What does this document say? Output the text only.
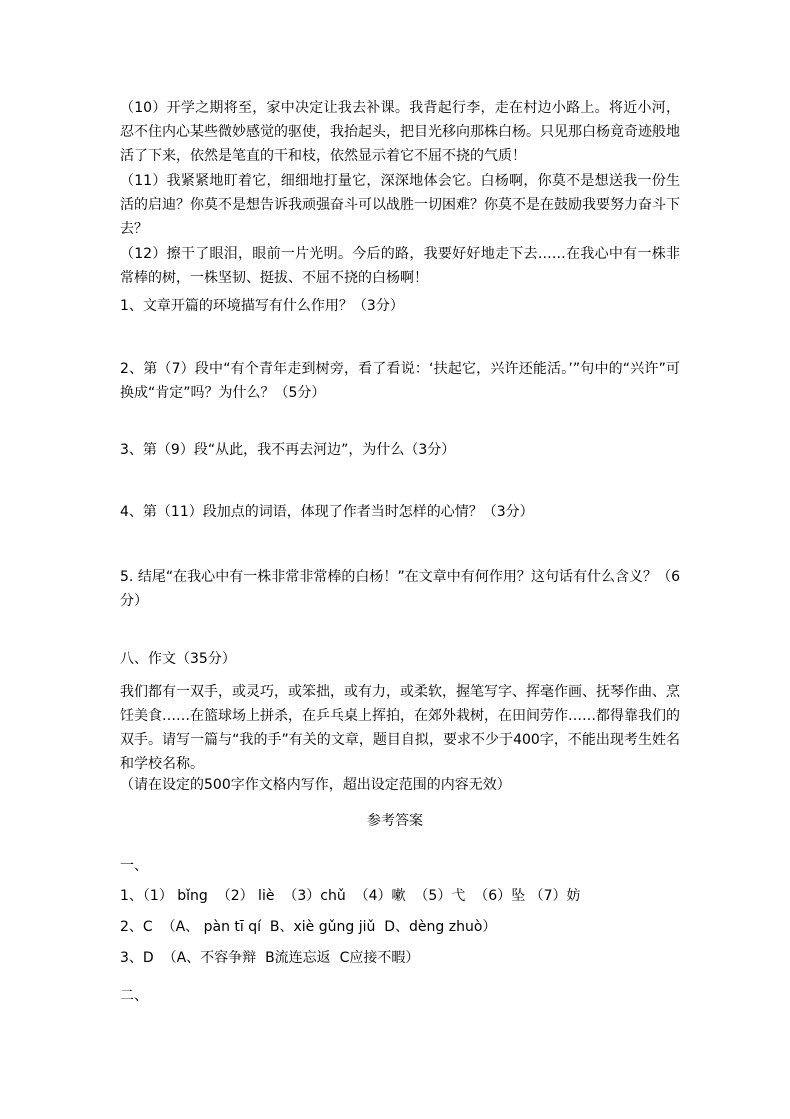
（10）开学之期将至，家中决定让我去补课。我背起行李，走在村边小路上。将近小河，忍不住内心某些微妙感觉的驱使，我抬起头，把目光移向那株白杨。只见那白杨竟奇迹般地活了下来，依然是笔直的干和枝，依然显示着它不屈不挠的气质！
（11）我紧紧地盯着它，细细地打量它，深深地体会它。白杨啊，你莫不是想送我一份生活的启迪？你莫不是想告诉我顽强奋斗可以战胜一切困难？你莫不是在鼓励我要努力奋斗下去？
（12）擦干了眼泪，眼前一片光明。今后的路，我要好好地走下去……在我心中有一株非常棒的树，一株坚韧、挺拔、不屈不挠的白杨啊！
1、文章开篇的环境描写有什么作用？（3分）
2、第（7）段中“有个青年走到树旁，看了看说：‘扶起它，兴许还能活。’”句中的“兴许”可换成“肯定”吗？为什么？（5分）
3、第（9）段“从此，我不再去河边”，为什么（3分）
4、第（11）段加点的词语，体现了作者当时怎样的心情？（3分）
5. 结尾“在我心中有一株非常非常棒的白杨！”在文章中有何作用？这句话有什么含义？（6分）
八、作文（35分）
我们都有一双手，或灵巧，或笨拙，或有力，或柔软，握笔写字、挥毫作画、抚琴作曲、烹饪美食……在篮球场上拼杀，在乒乓桌上挥拍，在郊外栽树，在田间劳作……都得靠我们的双手。请写一篇与“我的手”有关的文章，题目自拟，要求不少于400字，不能出现考生姓名和学校名称。
（请在设定的500字作文格内写作，超出设定范围的内容无效）
参考答案
一、
1、（1） bǐng  （2） liè  （3）chǔ  （4）嗽  （5）弋  （6）坠 （7）妨
2、C  （A、 pàn tī qí  B、xiè gǔng jiǔ  D、dèng zhuò）
3、D  （A、不容争辩  B流连忘返  C应接不暇）
二、
